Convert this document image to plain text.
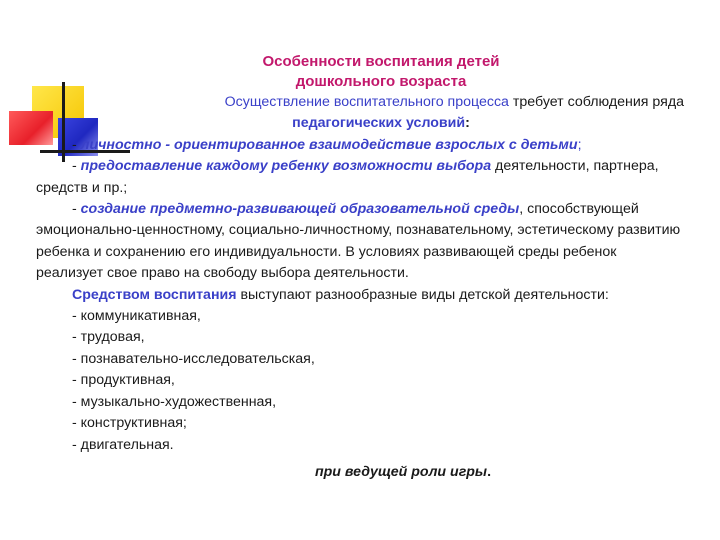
Особенности воспитания детей
дошкольного возраста

Осуществление воспитательного процесса требует соблюдения ряда

педагогических условий:

- личностно - ориентированное взаимодействие взрослых с детьми;

- предоставление каждому ребенку возможности выбора деятельности, партнера, средств и пр.;

- создание предметно-развивающей образовательной среды, способствующей эмоционально-ценностному, социально-личностному, познавательному, эстетическому развитию ребенка и сохранению его индивидуальности. В условиях развивающей среды ребенок реализует свое право на свободу выбора деятельности.

Средством воспитания выступают разнообразные виды детской деятельности:

- коммуникативная,

- трудовая,

- познавательно-исследовательская,

- продуктивная,

- музыкально-художественная,

- конструктивная;

- двигательная.

при ведущей роли игры.
